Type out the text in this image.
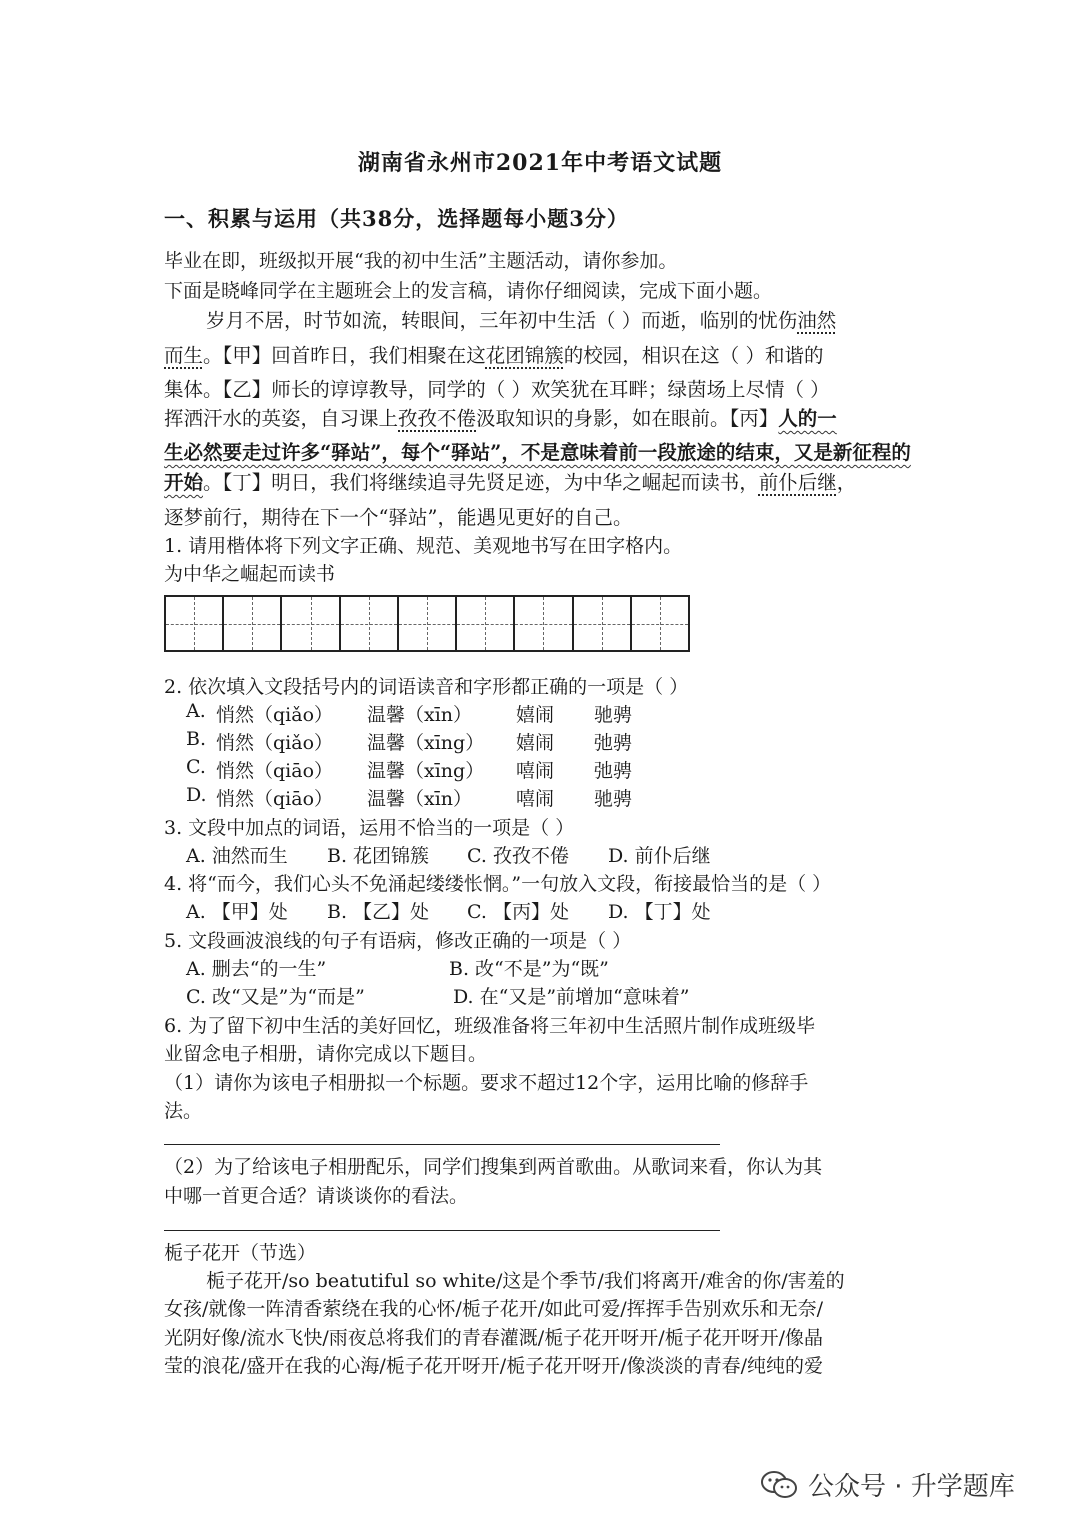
湖南省永州市2021年中考语文试题
一、积累与运用（共38分，选择题每小题3分）
毕业在即，班级拟开展“我的初中生活”主题活动，请你参加。
下面是晓峰同学在主题班会上的发言稿，请你仔细阅读，完成下面小题。
岁月不居，时节如流，转眼间，三年初中生活（ ）而逝，临别的忧伤油然
而生。【甲】回首昨日，我们相聚在这花团锦簇的校园，相识在这（ ）和谐的
集体。【乙】师长的谆谆教导，同学的（ ）欢笑犹在耳畔；绿茵场上尽情（ ）
挥洒汗水的英姿，自习课上孜孜不倦汲取知识的身影，如在眼前。【丙】人的一
生必然要走过许多“驿站”，每个“驿站”，不是意味着前一段旅途的结束，又是新征程的
开始。【丁】明日，我们将继续追寻先贤足迹，为中华之崛起而读书，前仆后继，
逐梦前行，期待在下一个“驿站”，能遇见更好的自己。
1. 请用楷体将下列文字正确、规范、美观地书写在田字格内。
为中华之崛起而读书
2. 依次填入文段括号内的词语读音和字形都正确的一项是（ ）
A. 悄然（qiǎo） 温馨（xīn） 嬉闹 驰骋
B. 悄然（qiǎo） 温馨（xīng） 嬉闹 弛骋
C. 悄然（qiāo） 温馨（xīng） 嘻闹 弛骋
D. 悄然（qiāo） 温馨（xīn） 嘻闹 驰骋
3. 文段中加点的词语，运用不恰当的一项是（ ）
A. 油然而生 B. 花团锦簇 C. 孜孜不倦 D. 前仆后继
4. 将“而今，我们心头不免涌起缕缕怅惘。”一句放入文段，衔接最恰当的是（ ）
A. 【甲】处 B. 【乙】处 C. 【丙】处 D. 【丁】处
5. 文段画波浪线的句子有语病，修改正确的一项是（ ）
A. 删去“的一生”	B. 改“不是”为“既”
C. 改“又是”为“而是”	D. 在“又是”前增加“意味着”
6. 为了留下初中生活的美好回忆，班级准备将三年初中生活照片制作成班级毕
业留念电子相册，请你完成以下题目。
（1）请你为该电子相册拟一个标题。要求不超过12个字，运用比喻的修辞手
法。
（2）为了给该电子相册配乐，同学们搜集到两首歌曲。从歌词来看，你认为其
中哪一首更合适？请谈谈你的看法。
栀子花开（节选）
栀子花开/so beatutiful so white/这是个季节/我们将离开/难舍的你/害羞的
女孩/就像一阵清香萦绕在我的心怀/栀子花开/如此可爱/挥挥手告别欢乐和无奈/
光阴好像/流水飞快/雨夜总将我们的青春灌溉/栀子花开呀开/栀子花开呀开/像晶
莹的浪花/盛开在我的心海/栀子花开呀开/栀子花开呀开/像淡淡的青春/纯纯的爱
公众号 · 升学题库
